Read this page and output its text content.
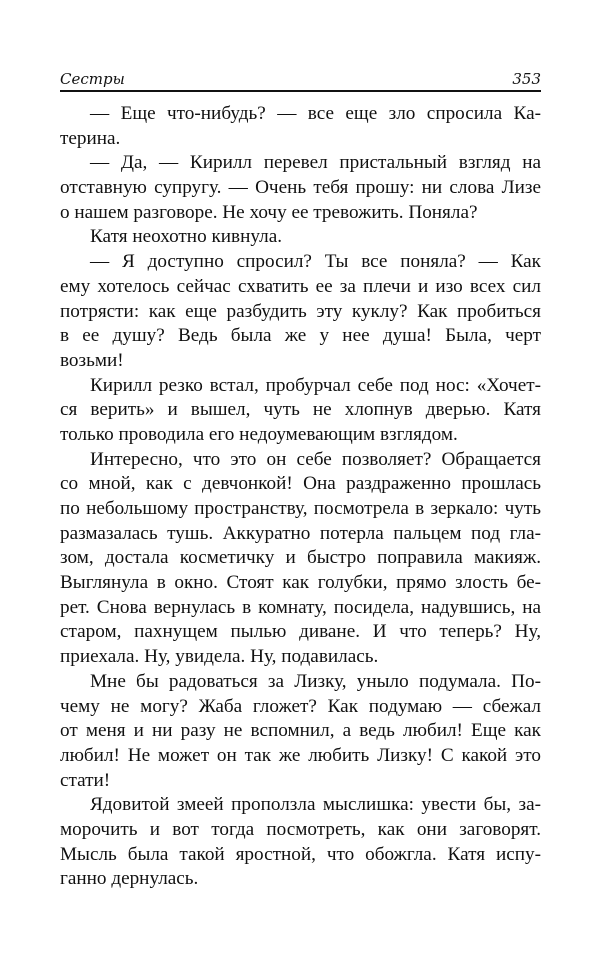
Сестры	353
— Еще что-нибудь? — все еще зло спросила Ка-
терина.
— Да, — Кирилл перевел пристальный взгляд на
отставную супругу. — Очень тебя прошу: ни слова Лизе
о нашем разговоре. Не хочу ее тревожить. Поняла?
Катя неохотно кивнула.
— Я доступно спросил? Ты все поняла? — Как
ему хотелось сейчас схватить ее за плечи и изо всех сил
потрясти: как еще разбудить эту куклу? Как пробиться
в ее душу? Ведь была же у нее душа! Была, черт
возьми!
Кирилл резко встал, пробурчал себе под нос: «Хочет-
ся верить» и вышел, чуть не хлопнув дверью. Катя
только проводила его недоумевающим взглядом.
Интересно, что это он себе позволяет? Обращается
со мной, как с девчонкой! Она раздраженно прошлась
по небольшому пространству, посмотрела в зеркало: чуть
размазалась тушь. Аккуратно потерла пальцем под гла-
зом, достала косметичку и быстро поправила макияж.
Выглянула в окно. Стоят как голубки, прямо злость бе-
рет. Снова вернулась в комнату, посидела, надувшись, на
старом, пахнущем пылью диване. И что теперь? Ну,
приехала. Ну, увидела. Ну, подавилась.
Мне бы радоваться за Лизку, уныло подумала. По-
чему не могу? Жаба гложет? Как подумаю — сбежал
от меня и ни разу не вспомнил, а ведь любил! Еще как
любил! Не может он так же любить Лизку! С какой это
стати!
Ядовитой змеей проползла мыслишка: увести бы, за-
морочить и вот тогда посмотреть, как они заговорят.
Мысль была такой яростной, что обожгла. Катя испу-
ганно дернулась.
